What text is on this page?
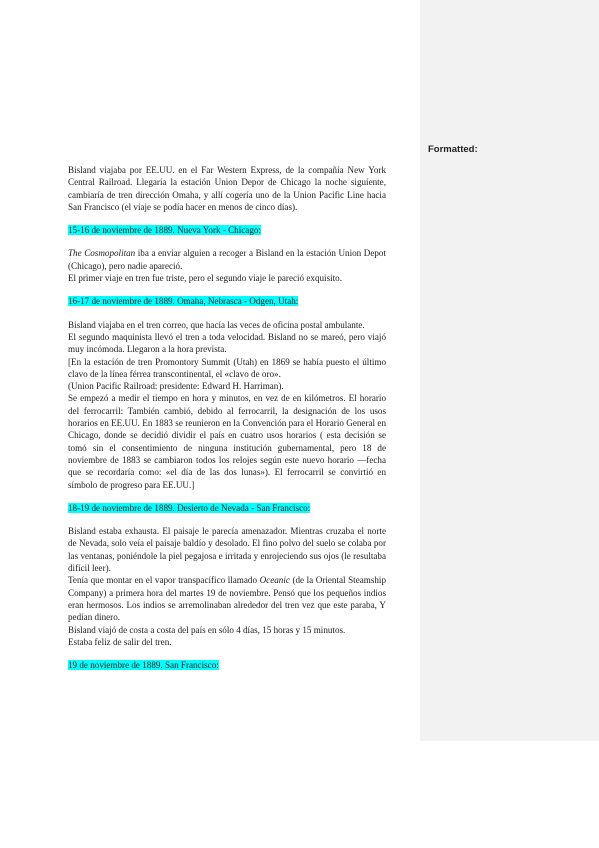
Formatted:

Bisland viajaba por EE.UU. en el Far Western Express, de la compañía New York Central Railroad. Llegaría la estación Union Depor de Chicago la noche siguiente, cambiaría de tren dirección Omaha, y allí cogería uno de la Union Pacific Line hacia San Francisco (el viaje se podía hacer en menos de cinco días).

15-16 de noviembre de 1889. Nueva York - Chicago:

The Cosmopolitan iba a enviar alguien a recoger a Bisland en la estación Union Depot (Chicago), pero nadie apareció.

El primer viaje en tren fue triste, pero el segundo viaje le pareció exquisito.

16-17 de noviembre de 1889. Omaha, Nebrasca - Odgen, Utah:

Bisland viajaba en el tren correo, que hacía las veces de oficina postal ambulante.

El segundo maquinista llevó el tren a toda velocidad. Bisland no se mareó, pero viajó muy incómoda. Llegaron a la hora prevista.

[En la estación de tren Promontory Summit (Utah) en 1869 se había puesto el último clavo de la línea férrea transcontinental, el «clavo de oro».

(Union Pacific Railroad: presidente: Edward H. Harriman).

Se empezó a medir el tiempo en hora y minutos, en vez de en kilómetros. El horario del ferrocarril: También cambió, debido al ferrocarril, la designación de los usos horarios en EE.UU. En 1883 se reunieron en la Convención para el Horario General en Chicago, donde se decidió dividir el país en cuatro usos horarios ( esta decisión se tomó sin el consentimiento de ninguna institución gubernamental, pero 18 de noviembre de 1883 se cambiaron todos los relojes según este nuevo horario —fecha que se recordaría como: «el día de las dos lunas»). El ferrocarril se convirtió en símbolo de progreso para EE.UU.]

18-19 de noviembre de 1889. Desierto de Nevada - San Francisco:

Bisland estaba exhausta. El paisaje le parecía amenazador. Mientras cruzaba el norte de Nevada, solo veía el paisaje baldío y desolado. El fino polvo del suelo se colaba por las ventanas, poniéndole la piel pegajosa e irritada y enrojeciendo sus ojos (le resultaba difícil leer).

Tenía que montar en el vapor transpacífico llamado Oceanic (de la Oriental Steamship Company) a primera hora del martes 19 de noviembre. Pensó que los pequeños indios eran hermosos. Los indios se arremolinaban alrededor del tren vez que este paraba, Y pedían dinero.

Bisland viajó de costa a costa del país en sólo 4 días, 15 horas y 15 minutos.

Estaba feliz de salir del tren.

19 de noviembre de 1889. San Francisco:
